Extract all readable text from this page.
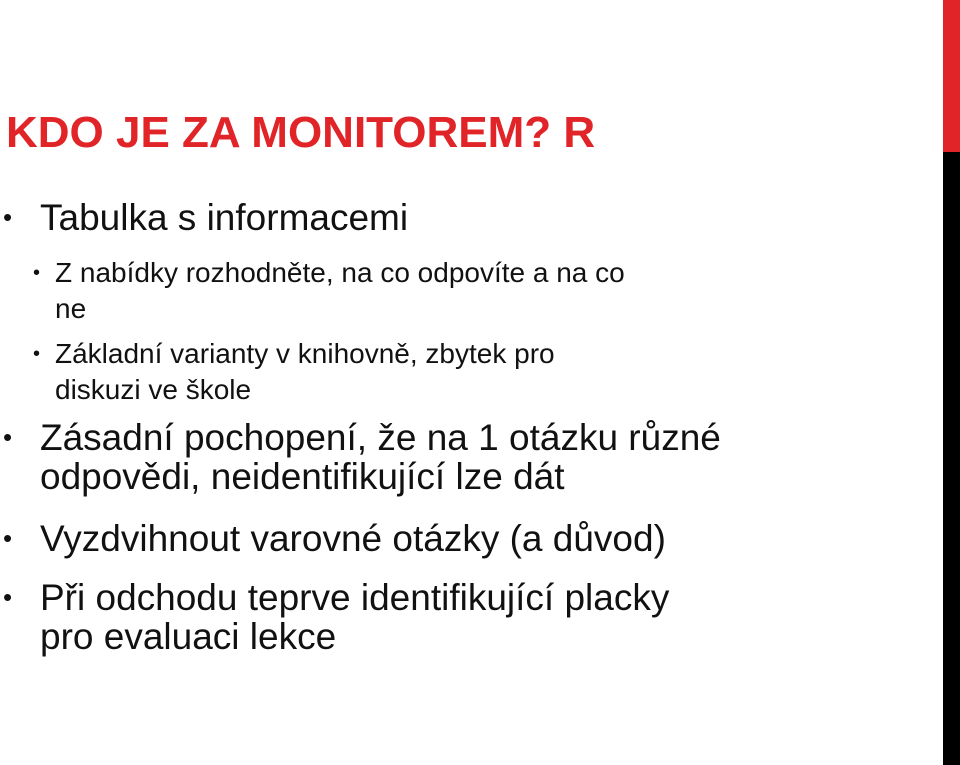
KDO JE ZA MONITOREM? R
• Tabulka s informacemi
• Z nabídky rozhodněte, na co odpovíte a na co
ne
• Základní varianty v knihovně, zbytek pro
diskuzi ve škole
• Zásadní pochopení, že na 1 otázku různé
odpovědi, neidentifikující lze dát
• Vyzdvihnout varovné otázky (a důvod)
• Při odchodu teprve identifikující placky
pro evaluaci lekce
